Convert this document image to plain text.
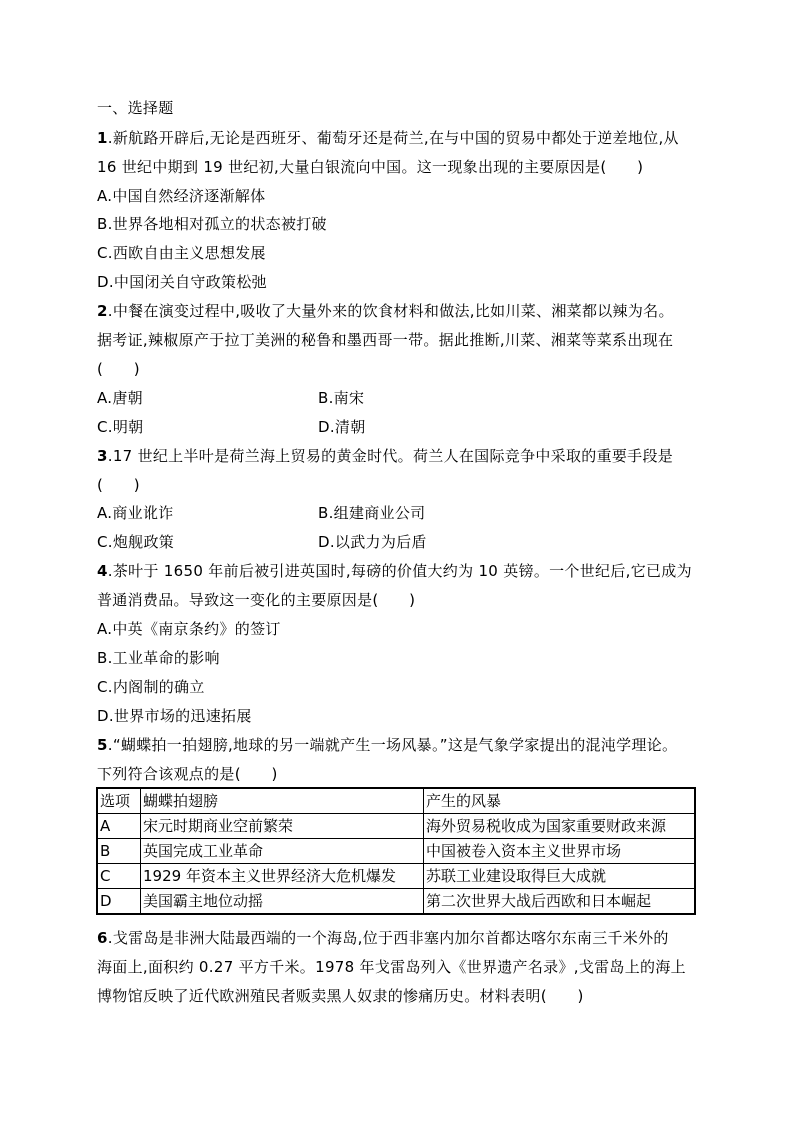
一、选择题
1.新航路开辟后,无论是西班牙、葡萄牙还是荷兰,在与中国的贸易中都处于逆差地位,从
16 世纪中期到 19 世纪初,大量白银流向中国。这一现象出现的主要原因是(　　)
A.中国自然经济逐渐解体
B.世界各地相对孤立的状态被打破
C.西欧自由主义思想发展
D.中国闭关自守政策松弛
2.中餐在演变过程中,吸收了大量外来的饮食材料和做法,比如川菜、湘菜都以辣为名。
据考证,辣椒原产于拉丁美洲的秘鲁和墨西哥一带。据此推断,川菜、湘菜等菜系出现在
(　　)
A.唐朝	B.南宋
C.明朝	D.清朝
3.17 世纪上半叶是荷兰海上贸易的黄金时代。荷兰人在国际竞争中采取的重要手段是
(　　)
A.商业讹诈	B.组建商业公司
C.炮舰政策	D.以武力为后盾
4.茶叶于 1650 年前后被引进英国时,每磅的价值大约为 10 英镑。一个世纪后,它已成为
普通消费品。导致这一变化的主要原因是(　　)
A.中英《南京条约》的签订
B.工业革命的影响
C.内阁制的确立
D.世界市场的迅速拓展
5.“蝴蝶拍一拍翅膀,地球的另一端就产生一场风暴。”这是气象学家提出的混沌学理论。
下列符合该观点的是(　　)
选项	蝴蝶拍翅膀	产生的风暴
A	宋元时期商业空前繁荣	海外贸易税收成为国家重要财政来源
B	英国完成工业革命	中国被卷入资本主义世界市场
C	1929 年资本主义世界经济大危机爆发	苏联工业建设取得巨大成就
D	美国霸主地位动摇	第二次世界大战后西欧和日本崛起
6.戈雷岛是非洲大陆最西端的一个海岛,位于西非塞内加尔首都达喀尔东南三千米外的
海面上,面积约 0.27 平方千米。1978 年戈雷岛列入《世界遗产名录》,戈雷岛上的海上
博物馆反映了近代欧洲殖民者贩卖黑人奴隶的惨痛历史。材料表明(　　)
